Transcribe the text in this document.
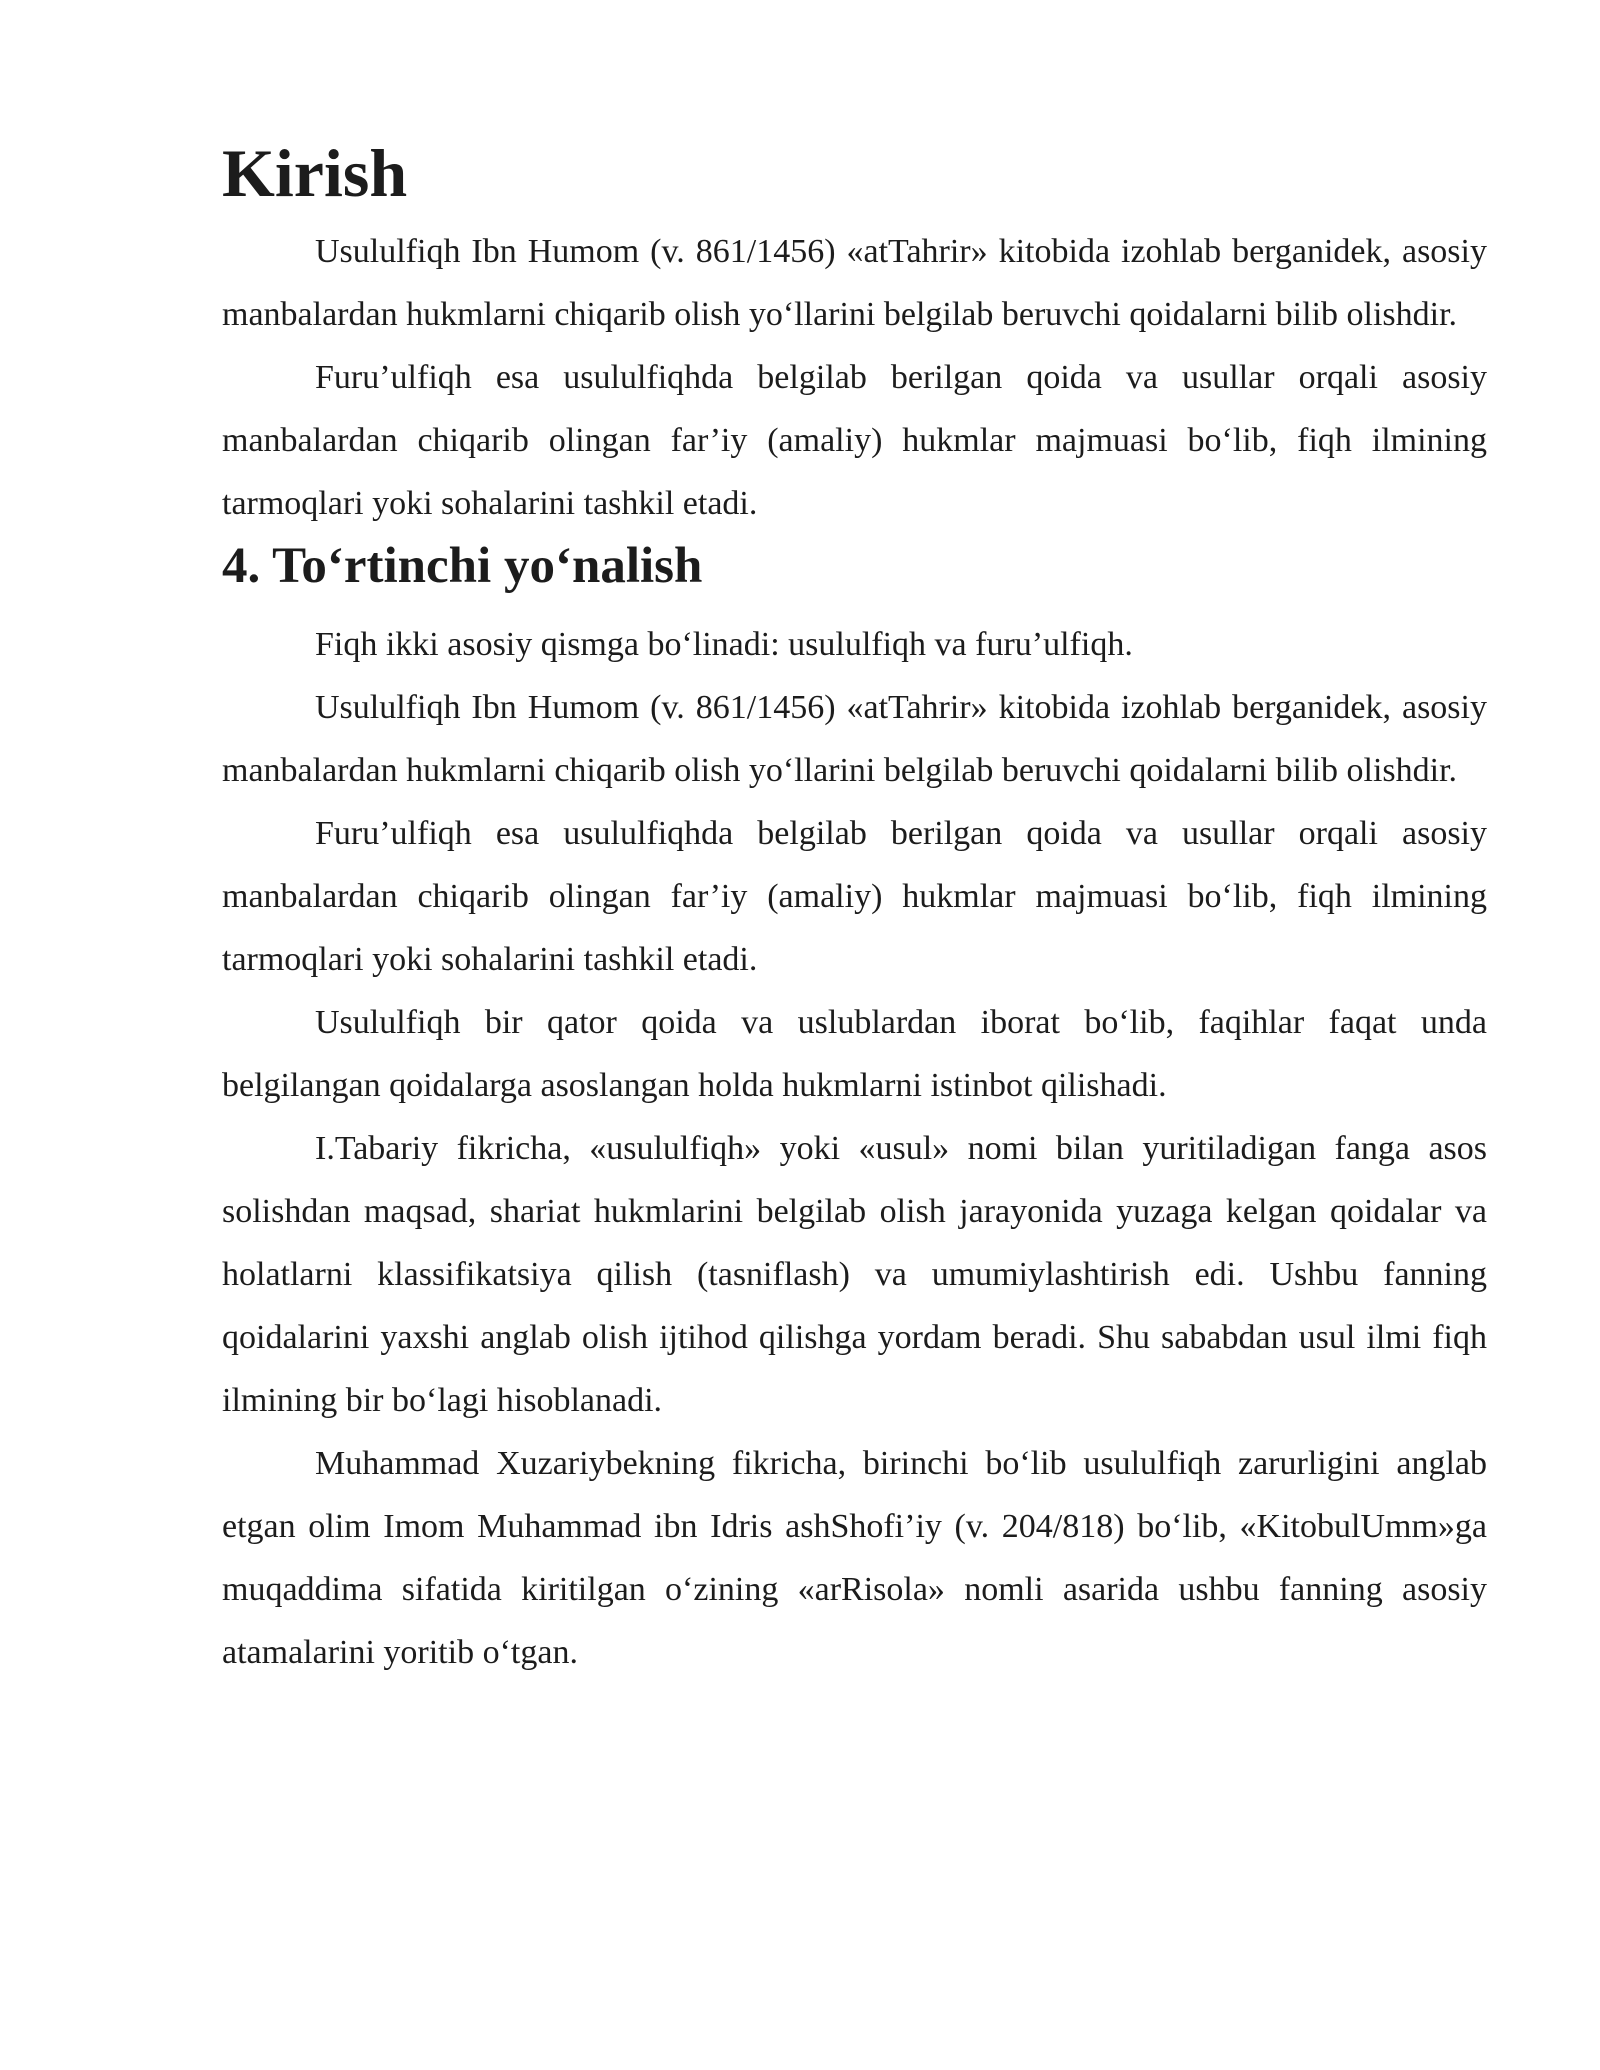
Kirish

Usululfiqh Ibn Humom (v. 861/1456) «atTahrir» kitobida izohlab berganidek, asosiy manbalardan hukmlarni chiqarib olish yo‘llarini belgilab beruvchi qoidalarni bilib olishdir.

Furu’ulfiqh esa usululfiqhda belgilab berilgan qoida va usullar orqali asosiy manbalardan chiqarib olingan far’iy (amaliy) hukmlar majmuasi bo‘lib, fiqh ilmining tarmoqlari yoki sohalarini tashkil etadi.

4. To‘rtinchi yo‘nalish

Fiqh ikki asosiy qismga bo‘linadi: usululfiqh va furu’ulfiqh.

Usululfiqh Ibn Humom (v. 861/1456) «atTahrir» kitobida izohlab berganidek, asosiy manbalardan hukmlarni chiqarib olish yo‘llarini belgilab beruvchi qoidalarni bilib olishdir.

Furu’ulfiqh esa usululfiqhda belgilab berilgan qoida va usullar orqali asosiy manbalardan chiqarib olingan far’iy (amaliy) hukmlar majmuasi bo‘lib, fiqh ilmining tarmoqlari yoki sohalarini tashkil etadi.

Usululfiqh bir qator qoida va uslublardan iborat bo‘lib, faqihlar faqat unda belgilangan qoidalarga asoslangan holda hukmlarni istinbot qilishadi.

I.Tabariy fikricha, «usululfiqh» yoki «usul» nomi bilan yuritiladigan fanga asos solishdan maqsad, shariat hukmlarini belgilab olish jarayonida yuzaga kelgan qoidalar va holatlarni klassifikatsiya qilish (tasniflash) va umumiylashtirish edi. Ushbu fanning qoidalarini yaxshi anglab olish ijtihod qilishga yordam beradi. Shu sababdan usul ilmi fiqh ilmining bir bo‘lagi hisoblanadi.

Muhammad Xuzariybekning fikricha, birinchi bo‘lib usululfiqh zarurligini anglab etgan olim Imom Muhammad ibn Idris ashShofi’iy (v. 204/818) bo‘lib, «KitobulUmm»ga muqaddima sifatida kiritilgan o‘zining «arRisola» nomli asarida ushbu fanning asosiy atamalarini yoritib o‘tgan.
